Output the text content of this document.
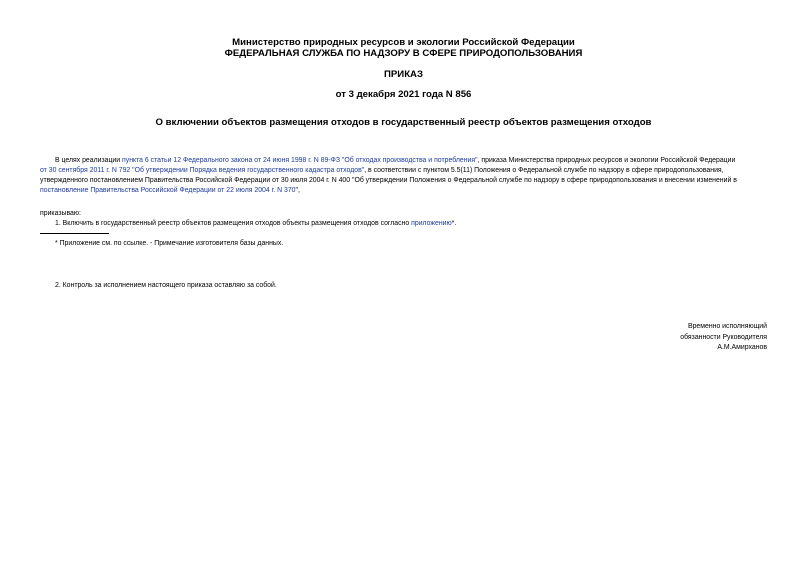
Министерство природных ресурсов и экологии Российской Федерации
ФЕДЕРАЛЬНАЯ СЛУЖБА ПО НАДЗОРУ В СФЕРЕ ПРИРОДОПОЛЬЗОВАНИЯ
ПРИКАЗ
от 3 декабря 2021 года N 856
О включении объектов размещения отходов в государственный реестр объектов размещения отходов
В целях реализации пункта 6 статьи 12 Федерального закона от 24 июня 1998 г. N 89-ФЗ "Об отходах производства и потребления", приказа Министерства природных ресурсов и экологии Российской Федерации
от 30 сентября 2011 г. N 792 "Об утверждении Порядка ведения государственного кадастра отходов", в соответствии с пунктом 5.5(11) Положения о Федеральной службе по надзору в сфере природопользования,
утвержденного постановлением Правительства Российской Федерации от 30 июля 2004 г. N 400 "Об утверждении Положения о Федеральной службе по надзору в сфере природопользования и внесении изменений в
постановление Правительства Российской Федерации от 22 июля 2004 г. N 370",
приказываю:
1. Включить в государственный реестр объектов размещения отходов объекты размещения отходов согласно приложению*.
* Приложение см. по ссылке. - Примечание изготовителя базы данных.
2. Контроль за исполнением настоящего приказа оставляю за собой.
Временно исполняющий
обязанности Руководителя
А.М.Амирханов
